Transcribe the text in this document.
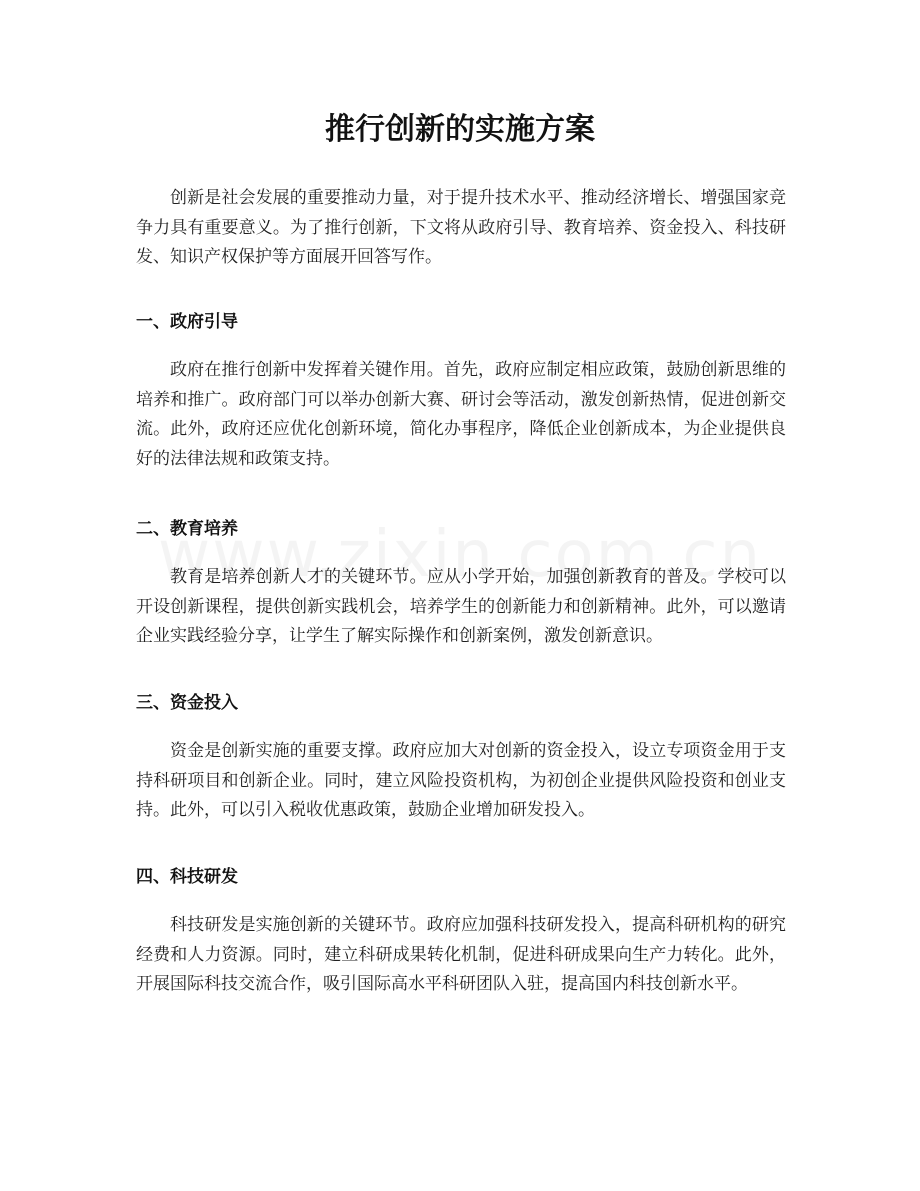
推行创新的实施方案

创新是社会发展的重要推动力量，对于提升技术水平、推动经济增长、增强国家竞争力具有重要意义。为了推行创新，下文将从政府引导、教育培养、资金投入、科技研发、知识产权保护等方面展开回答写作。

一、政府引导

政府在推行创新中发挥着关键作用。首先，政府应制定相应政策，鼓励创新思维的培养和推广。政府部门可以举办创新大赛、研讨会等活动，激发创新热情，促进创新交流。此外，政府还应优化创新环境，简化办事程序，降低企业创新成本，为企业提供良好的法律法规和政策支持。

二、教育培养

教育是培养创新人才的关键环节。应从小学开始，加强创新教育的普及。学校可以开设创新课程，提供创新实践机会，培养学生的创新能力和创新精神。此外，可以邀请企业实践经验分享，让学生了解实际操作和创新案例，激发创新意识。

三、资金投入

资金是创新实施的重要支撑。政府应加大对创新的资金投入，设立专项资金用于支持科研项目和创新企业。同时，建立风险投资机构，为初创企业提供风险投资和创业支持。此外，可以引入税收优惠政策，鼓励企业增加研发投入。

四、科技研发

科技研发是实施创新的关键环节。政府应加强科技研发投入，提高科研机构的研究经费和人力资源。同时，建立科研成果转化机制，促进科研成果向生产力转化。此外，开展国际科技交流合作，吸引国际高水平科研团队入驻，提高国内科技创新水平。
